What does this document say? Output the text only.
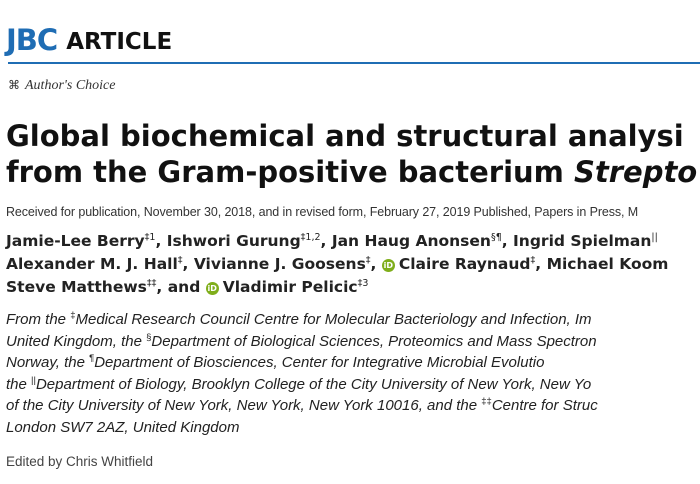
JBC ARTICLE
⌘ Author's Choice
Global biochemical and structural analysi
from the Gram-positive bacterium Strepto
Received for publication, November 30, 2018, and in revised form, February 27, 2019 Published, Papers in Press, M
Jamie-Lee Berry$^{\ddagger 1}$, Ishwori Gurung$^{\ddagger 1,2}$, Jan Haug Anonsen§¶, Ingrid Spielman||
Alexander M. J. Hall‡, Vivianne J. Goosens‡, iD Claire Raynaud‡, Michael Koom
Steve Matthews‡‡, and iD Vladimir Pelicic$^{\ddagger 3}$
From the ‡Medical Research Council Centre for Molecular Bacteriology and Infection, Im
United Kingdom, the §Department of Biological Sciences, Proteomics and Mass Spectron
Norway, the ¶Department of Biosciences, Center for Integrative Microbial Evolutio
the ||Department of Biology, Brooklyn College of the City University of New York, New Yo
of the City University of New York, New York, New York 10016, and the ‡‡Centre for Struc
London SW7 2AZ, United Kingdom
Edited by Chris Whitfield
